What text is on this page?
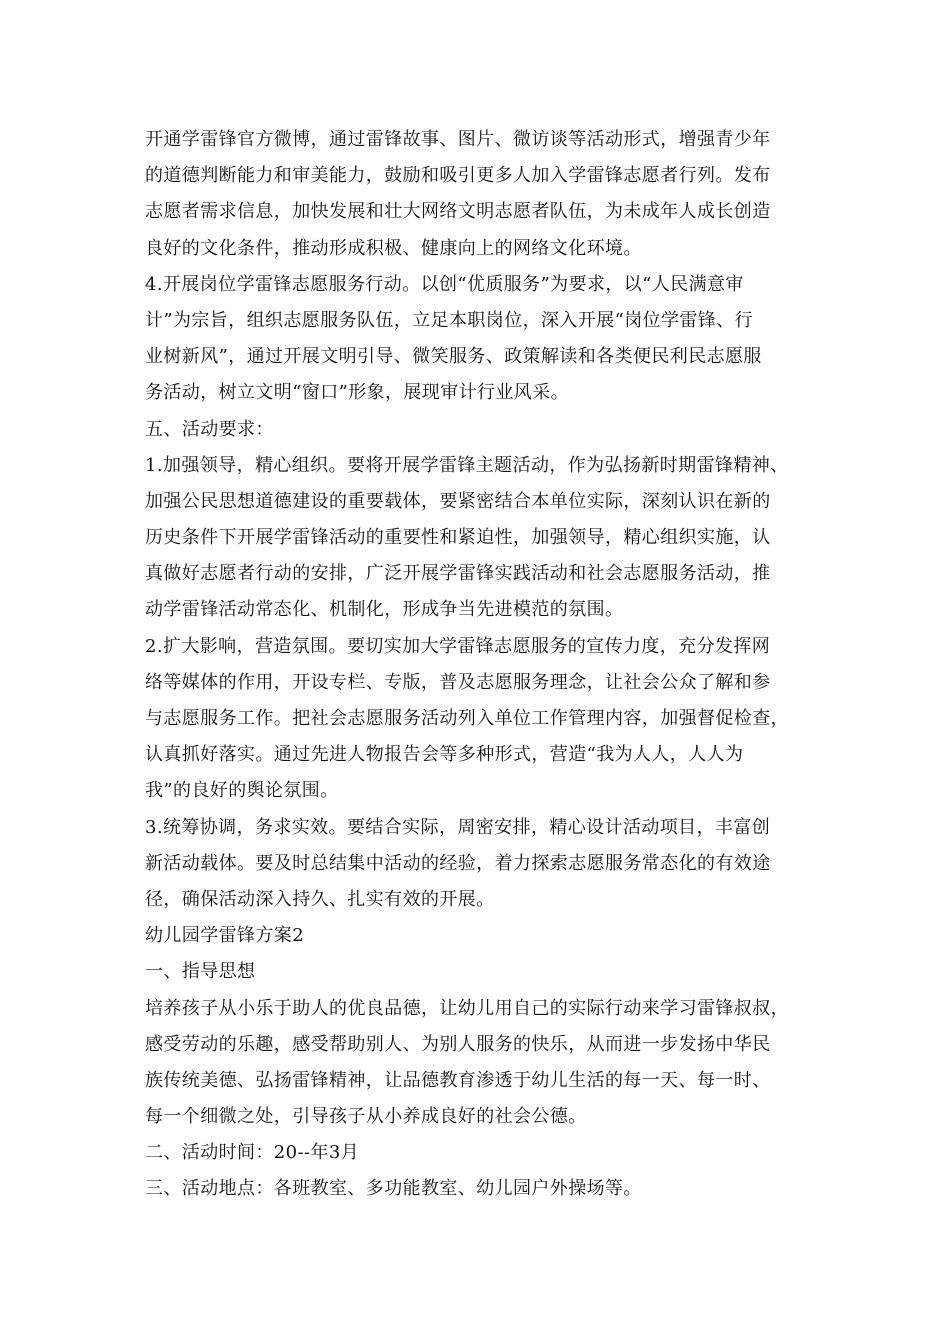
开通学雷锋官方微博，通过雷锋故事、图片、微访谈等活动形式，增强青少年
的道德判断能力和审美能力，鼓励和吸引更多人加入学雷锋志愿者行列。发布
志愿者需求信息，加快发展和壮大网络文明志愿者队伍，为未成年人成长创造
良好的文化条件，推动形成积极、健康向上的网络文化环境。
4.开展岗位学雷锋志愿服务行动。以创“优质服务”为要求，以“人民满意审
计”为宗旨，组织志愿服务队伍，立足本职岗位，深入开展“岗位学雷锋、行
业树新风”，通过开展文明引导、微笑服务、政策解读和各类便民利民志愿服
务活动，树立文明“窗口”形象，展现审计行业风采。
五、活动要求：
1.加强领导，精心组织。要将开展学雷锋主题活动，作为弘扬新时期雷锋精神、
加强公民思想道德建设的重要载体，要紧密结合本单位实际，深刻认识在新的
历史条件下开展学雷锋活动的重要性和紧迫性，加强领导，精心组织实施，认
真做好志愿者行动的安排，广泛开展学雷锋实践活动和社会志愿服务活动，推
动学雷锋活动常态化、机制化，形成争当先进模范的氛围。
2.扩大影响，营造氛围。要切实加大学雷锋志愿服务的宣传力度，充分发挥网
络等媒体的作用，开设专栏、专版，普及志愿服务理念，让社会公众了解和参
与志愿服务工作。把社会志愿服务活动列入单位工作管理内容，加强督促检查，
认真抓好落实。通过先进人物报告会等多种形式，营造“我为人人，人人为
我”的良好的舆论氛围。
3.统筹协调，务求实效。要结合实际，周密安排，精心设计活动项目，丰富创
新活动载体。要及时总结集中活动的经验，着力探索志愿服务常态化的有效途
径，确保活动深入持久、扎实有效的开展。
幼儿园学雷锋方案2
一、指导思想
培养孩子从小乐于助人的优良品德，让幼儿用自己的实际行动来学习雷锋叔叔，
感受劳动的乐趣，感受帮助别人、为别人服务的快乐，从而进一步发扬中华民
族传统美德、弘扬雷锋精神，让品德教育渗透于幼儿生活的每一天、每一时、
每一个细微之处，引导孩子从小养成良好的社会公德。
二、活动时间：20--年3月
三、活动地点：各班教室、多功能教室、幼儿园户外操场等。
